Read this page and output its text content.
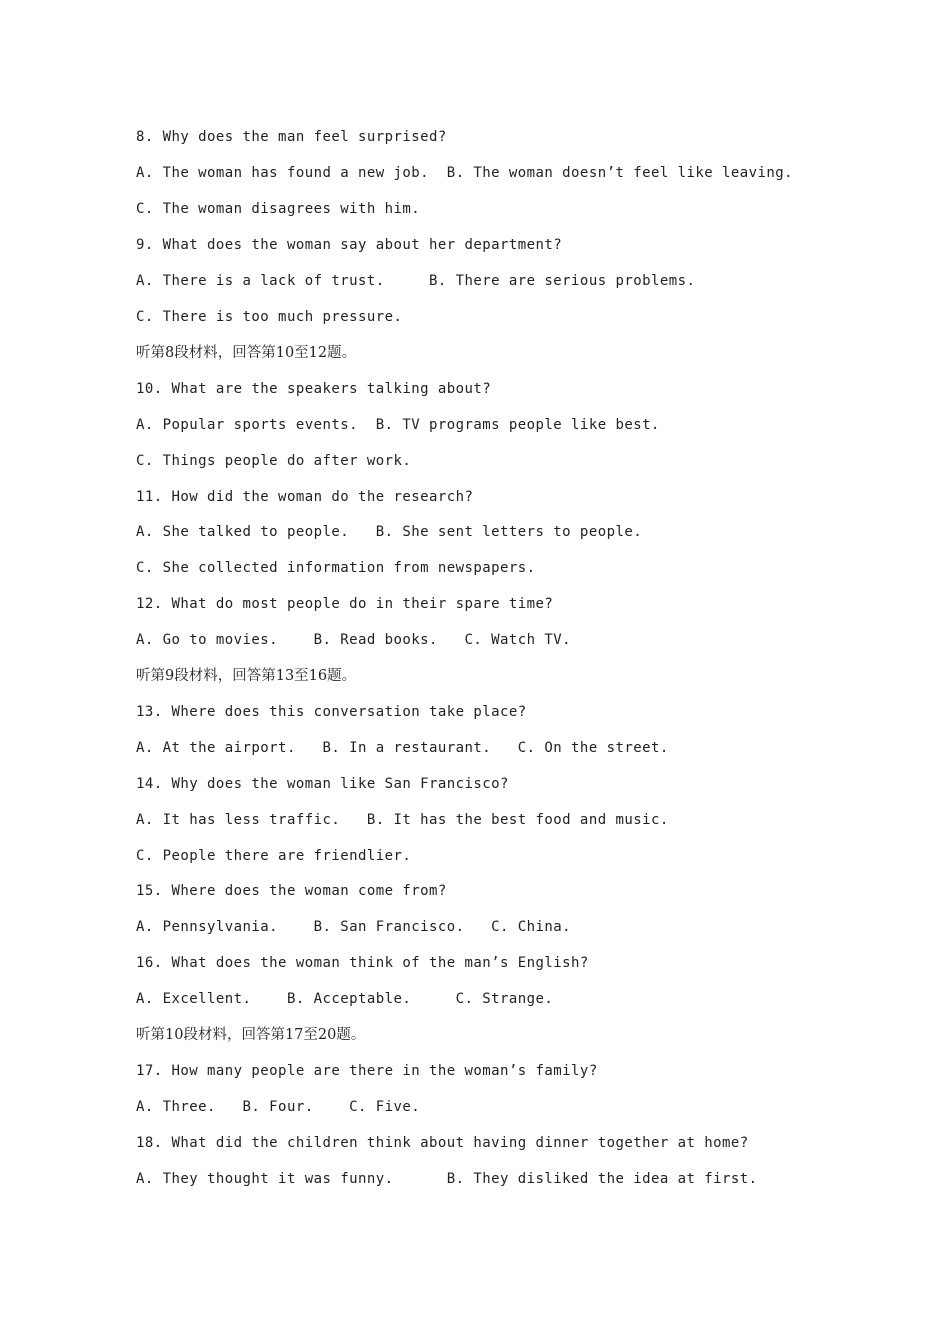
8. Why does the man feel surprised?
A. The woman has found a new job.  B. The woman doesn’t feel like leaving.
C. The woman disagrees with him.
9. What does the woman say about her department?
A. There is a lack of trust.     B. There are serious problems.
C. There is too much pressure.
听第8段材料，回答第10至12题。
10. What are the speakers talking about?
A. Popular sports events.  B. TV programs people like best.
C. Things people do after work.
11. How did the woman do the research?
A. She talked to people.   B. She sent letters to people.
C. She collected information from newspapers.
12. What do most people do in their spare time?
A. Go to movies.    B. Read books.   C. Watch TV.
听第9段材料，回答第13至16题。
13. Where does this conversation take place?
A. At the airport.   B. In a restaurant.   C. On the street.
14. Why does the woman like San Francisco?
A. It has less traffic.   B. It has the best food and music.
C. People there are friendlier.
15. Where does the woman come from?
A. Pennsylvania.    B. San Francisco.   C. China.
16. What does the woman think of the man’s English?
A. Excellent.    B. Acceptable.     C. Strange.
听第10段材料，回答第17至20题。
17. How many people are there in the woman’s family?
A. Three.   B. Four.    C. Five.
18. What did the children think about having dinner together at home?
A. They thought it was funny.      B. They disliked the idea at first.
